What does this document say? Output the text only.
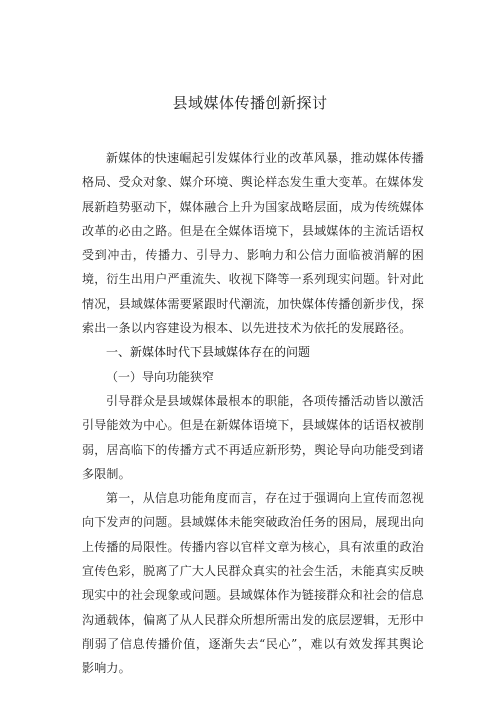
县域媒体传播创新探讨

新媒体的快速崛起引发媒体行业的改革风暴，推动媒体传播格局、受众对象、媒介环境、舆论样态发生重大变革。在媒体发展新趋势驱动下，媒体融合上升为国家战略层面，成为传统媒体改革的必由之路。但是在全媒体语境下，县域媒体的主流话语权受到冲击，传播力、引导力、影响力和公信力面临被消解的困境，衍生出用户严重流失、收视下降等一系列现实问题。针对此情况，县域媒体需要紧跟时代潮流，加快媒体传播创新步伐，探索出一条以内容建设为根本、以先进技术为依托的发展路径。

一、新媒体时代下县域媒体存在的问题
（一）导向功能狭窄

引导群众是县域媒体最根本的职能，各项传播活动皆以激活引导能效为中心。但是在新媒体语境下，县域媒体的话语权被削弱，居高临下的传播方式不再适应新形势，舆论导向功能受到诸多限制。

第一，从信息功能角度而言，存在过于强调向上宣传而忽视向下发声的问题。县域媒体未能突破政治任务的困局，展现出向上传播的局限性。传播内容以官样文章为核心，具有浓重的政治宣传色彩，脱离了广大人民群众真实的社会生活，未能真实反映现实中的社会现象或问题。县域媒体作为链接群众和社会的信息沟通载体，偏离了从人民群众所想所需出发的底层逻辑，无形中削弱了信息传播价值，逐渐失去“民心”，难以有效发挥其舆论影响力。
